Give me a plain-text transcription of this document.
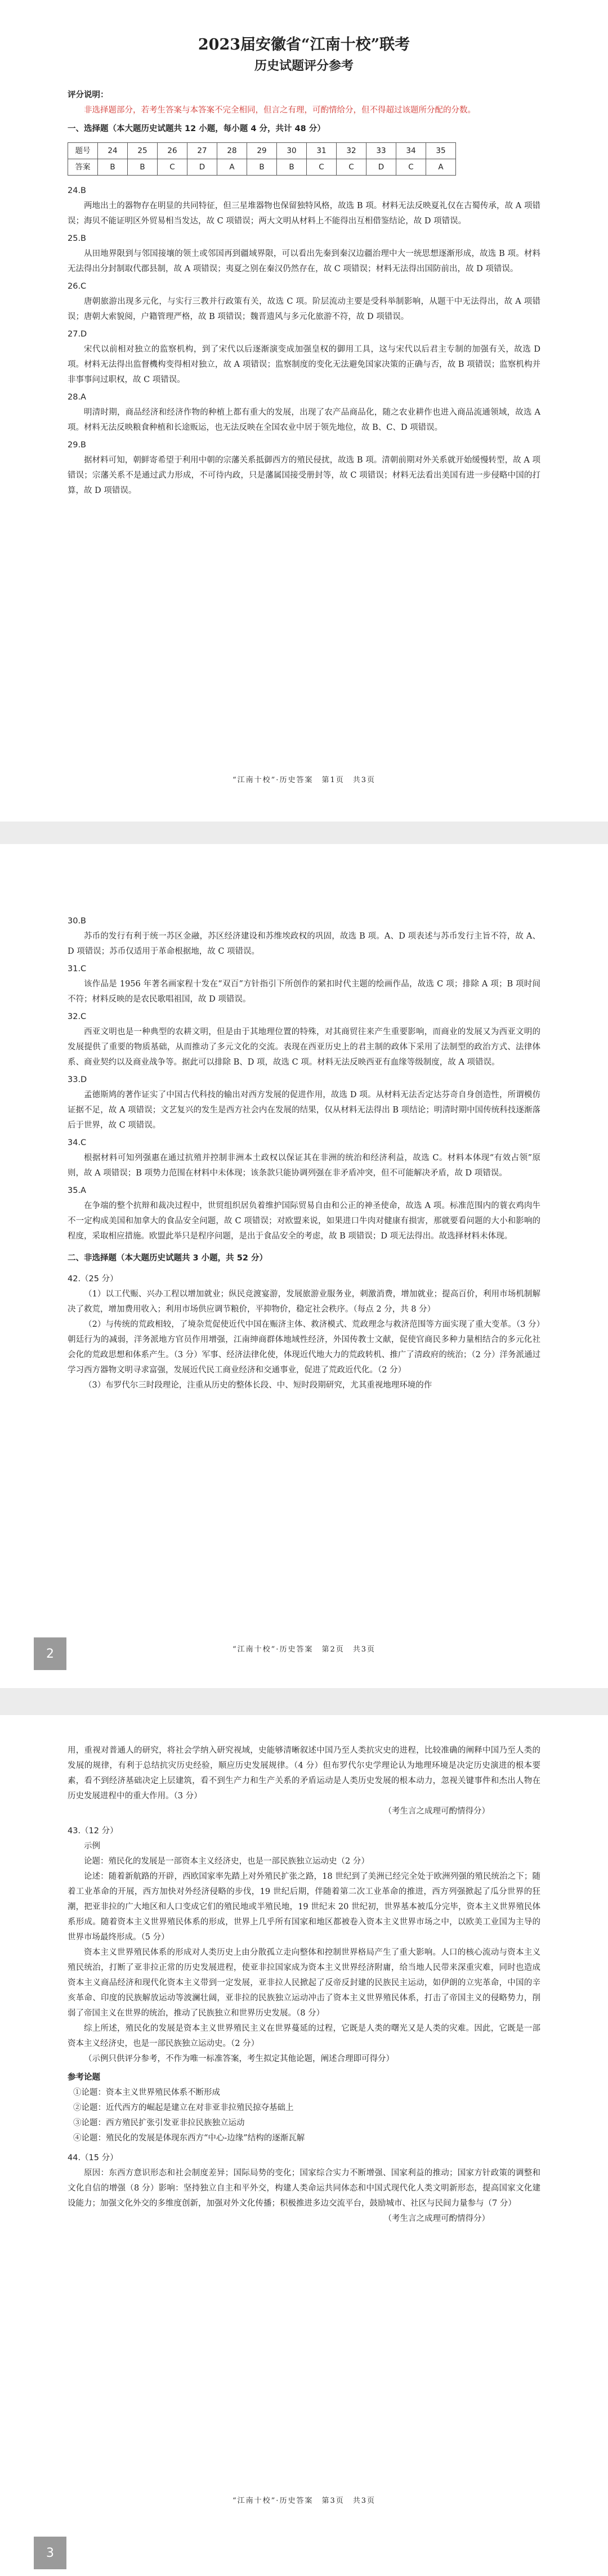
2023届安徽省“江南十校”联考
历史试题评分参考

评分说明：

非选择题部分，若考生答案与本答案不完全相同，但言之有理，可酌情给分，但不得超过该题所分配的分数。

一、选择题（本大题历史试题共 12 小题，每小题 4 分，共计 48 分）

题号	24	25	26	27	28	29	30	31	32	33	34	35
答案	B	B	C	D	A	B	B	C	C	D	C	A

24.B

两地出土的器物存在明显的共同特征，但三星堆器物也保留独特风格，故选 B 项。材料无法反映夏礼仅在古蜀传承，故 A 项错误；海贝不能证明区外贸易相当发达，故 C 项错误；两大文明从材料上不能得出互相借鉴结论，故 D 项错误。

25.B

从田地界限到与邻国接壤的领土或邻国再到疆域界限，可以看出先秦到秦汉边疆治理中大一统思想逐渐形成，故选 B 项。材料无法得出分封制取代郡县制，故 A 项错误；夷夏之别在秦汉仍然存在，故 C 项错误；材料无法得出国防前出，故 D 项错误。

26.C

唐朝旅游出现多元化，与实行三教并行政策有关，故选 C 项。阶层流动主要是受科举制影响，从题干中无法得出，故 A 项错误；唐朝大索貌阅，户籍管理严格，故 B 项错误；魏晋遗风与多元化旅游不符，故 D 项错误。

27.D

宋代以前相对独立的监察机构，到了宋代以后逐渐演变成加强皇权的御用工具，这与宋代以后君主专制的加强有关，故选 D 项。材料无法得出监督機构变得相对独立，故 A 项错误；监察制度的变化无法避免国家决策的正确与否，故 B 项错误；监察机构并非事事问过职权，故 C 项错误。

28.A

明清时期，商品经济和经济作物的种植上都有重大的发展，出现了农产品商品化，随之农业耕作也进入商品流通领域，故选 A 项。材料无法反映粮食种植和长途贩运，也无法反映在全国农业中居于领先地位，故 B、C、D 项错误。

29.B

据材料可知，朝鲜寄希望于利用中朝的宗藩关系抵御西方的殖民侵扰，故选 B 项。清朝前期对外关系就开始缓慢转型，故 A 项错误；宗藩关系不是通过武力形成，不可待内政，只是藩属国接受册封等，故 C 项错误；材料无法看出美国有进一步侵略中国的打算，故 D 项错误。

“江南十校”·历史答案　第1页　共3页

30.B

苏币的发行有利于统一苏区金融，苏区经济建设和苏维埃政权的巩固，故选 B 项。A、D 项表述与苏币发行主旨不符，故 A、D 项错误；苏币仅适用于革命根据地，故 C 项错误。

31.C

该作品是 1956 年著名画家程十发在“双百”方针指引下所创作的紧扣时代主题的绘画作品，故选 C 项；排除 A 项；B 项时间不符；材料反映的是农民歌唱祖国，故 D 项错误。

32.C

西亚文明也是一种典型的农耕文明，但是由于其地理位置的特殊，对其商贸往来产生重要影响，而商业的发展又为西亚文明的发展提供了重要的物质基础，从而推动了多元文化的交流。表现在西亚历史上的君主制的政体下采用了法制型的政治方式、法律体系、商业契约以及商业战争等。据此可以排除 B、D 项，故选 C 项。材料无法反映西亚有血缘等级制度，故 A 项错误。

33.D

孟德斯鸠的著作证实了中国古代科技的输出对西方发展的促进作用，故选 D 项。从材料无法否定达芬奇自身创造性，所谓模仿证据不足，故 A 项错误；文艺复兴的发生是西方社会内在发展的结果，仅从材料无法得出 B 项结论；明清时期中国传统科技逐渐落后于世界，故 C 项错误。

34.C

根据材料可知列强惠在通过抗殖并控制非洲本土政权以保证其在非洲的统治和经济利益，故选 C。材料本体现“有效占领”原则，故 A 项错误；B 项势力范围在材料中未体现；该条款只能协调列强在非矛盾冲突，但不可能解决矛盾，故 D 项错误。

35.A

在争端的整个抗辩和裁决过程中，世贸组织居负着维护国际贸易自由和公正的神圣使命，故选 A 项。标准范围内的蓑衣鸡肉牛不一定构成美国和加拿大的食品安全问题，故 C 项错误；对欧盟来说，如果进口牛肉对健康有损害，那就要看问题的大小和影响的程度，采取相应措施。欧盟此举只是程序问题，是出于食品安全的考虑，故 B 项错误；D 项无法得出。故选择材料未体现。

二、非选择题（本大题历史试题共 3 小题，共 52 分）

42.（25 分）

（1）以工代赈、兴办工程以增加就业；纵民竞渡宴游，发展旅游业服务业，刺激消费，增加就业；提高百价，利用市场机制解决了救荒，增加费用收入；利用市场供应调节粮价，平抑物价，稳定社会秩序。（每点 2 分，共 8 分）

（2）与传统的荒政相较，了境杂荒促使近代中国在赈济主体、救济模式、荒政理念与救济范围等方面实现了重大变革。（3 分）朝廷行为的减弱，洋务派地方官员作用增强，江南绅商群体地域性经济，外国传教士文献，促使官商民多种力量相结合的多元化社会化的荒政思想和体系产生。（3 分）军事、经济法律化使，体现近代地大力的荒政转机、推广了清政府的统治；（2 分）洋务派通过学习西方器物文明寻求富强，发展近代民工商业经济和交通事业，促进了荒政近代化。（2 分）

（3）布罗代尔三时段理论，注重从历史的整体长段、中、短时段期研究，尤其重视地理环境的作

“江南十校”·历史答案　第2页　共3页
2

用，重视对普通人的研究，将社会学纳入研究视域，史能够清晰叙述中国乃至人类抗灾史的进程，比较准确的阐释中国乃至人类的发展的规律，有利于总结抗灾历史经验，顺应历史发展规律。（4 分）但布罗代尔史学理论认为地理环境是决定历史演进的根本要素，看不到经济基础决定上层建筑，看不到生产力和生产关系的矛盾运动是人类历史发展的根本动力，忽视关键事件和杰出人物在历史发展进程中的重大作用。（3 分）

（考生言之成理可酌情得分）

43.（12 分）

示例

论题：殖民化的发展是一部资本主义经济史，也是一部民族独立运动史（2 分）

论述：随着新航路的开辟，西欧国家率先踏上对外殖民扩张之路，18 世纪到了美洲已经完全处于欧洲列强的殖民统治之下；随着工业革命的开展，西方加快对外经济侵略的步伐，19 世纪后期，伴随着第二次工业革命的推进，西方列强掀起了瓜分世界的狂潮，把亚非拉的广大地区和人口变成它们的殖民地或半殖民地，19 世纪末 20 世纪初，世界基本被瓜分完毕，资本主义世界殖民体系形成。随着资本主义世界殖民体系的形成，世界上几乎所有国家和地区都被卷入资本主义世界市场之中，以欧美工业国为主导的世界市场最终形成。（5 分）

资本主义世界殖民体系的形成对人类历史上由分散孤立走向整体和控制世界格局产生了重大影响。人口的核心流动与资本主义殖民统治，打断了亚非拉正常的历史发展进程，使亚非拉国家成为资本主义世界经济附庸，给当地人民带来深重灾难，同时也造成资本主义商品经济和现代化资本主义带到一定发展，亚非拉人民掀起了反帝反封建的民族民主运动，如伊朗的立宪革命，中国的辛亥革命、印度的民族解放运动等波澜壮阔，亚非拉的民族独立运动冲击了资本主义世界殖民体系，打击了帝国主义的侵略势力，削弱了帝国主义在世界的统治，推动了民族独立和世界历史发展。（8 分）

综上所述，殖民化的发展是资本主义世界殖民主义在世界蔓延的过程，它既是人类的曙光又是人类的灾难。因此，它既是一部资本主义经济史，也是一部民族独立运动史。（2 分）

（示例只供评分参考，不作为唯一标准答案，考生拟定其他论题，阐述合理即可得分）

参考论题

①论题：资本主义世界殖民体系不断形成

②论题：近代西方的崛起是建立在对非亚非拉殖民掠夺基础上

③论题：西方殖民扩张引发亚非拉民族独立运动

④论题：殖民化的发展是体现东西方“中心-边缘”结构的逐渐瓦解

44.（15 分）

原因：东西方意识形态和社会制度差异；国际局势的变化；国家综合实力不断增强、国家利益的推动；国家方针政策的调整和文化自信的增强（8 分）影响：坚持独立自主和平外交，构建人类命运共同体态和中国式现代化人类文明新形态，提高国家文化建设能力；加强文化外交的多维度创新，加强对外文化传播；积极推进多边交流平台，鼓励城市、社区与民间力量参与（7 分）

（考生言之成理可酌情得分）

“江南十校”·历史答案　第3页　共3页
3
